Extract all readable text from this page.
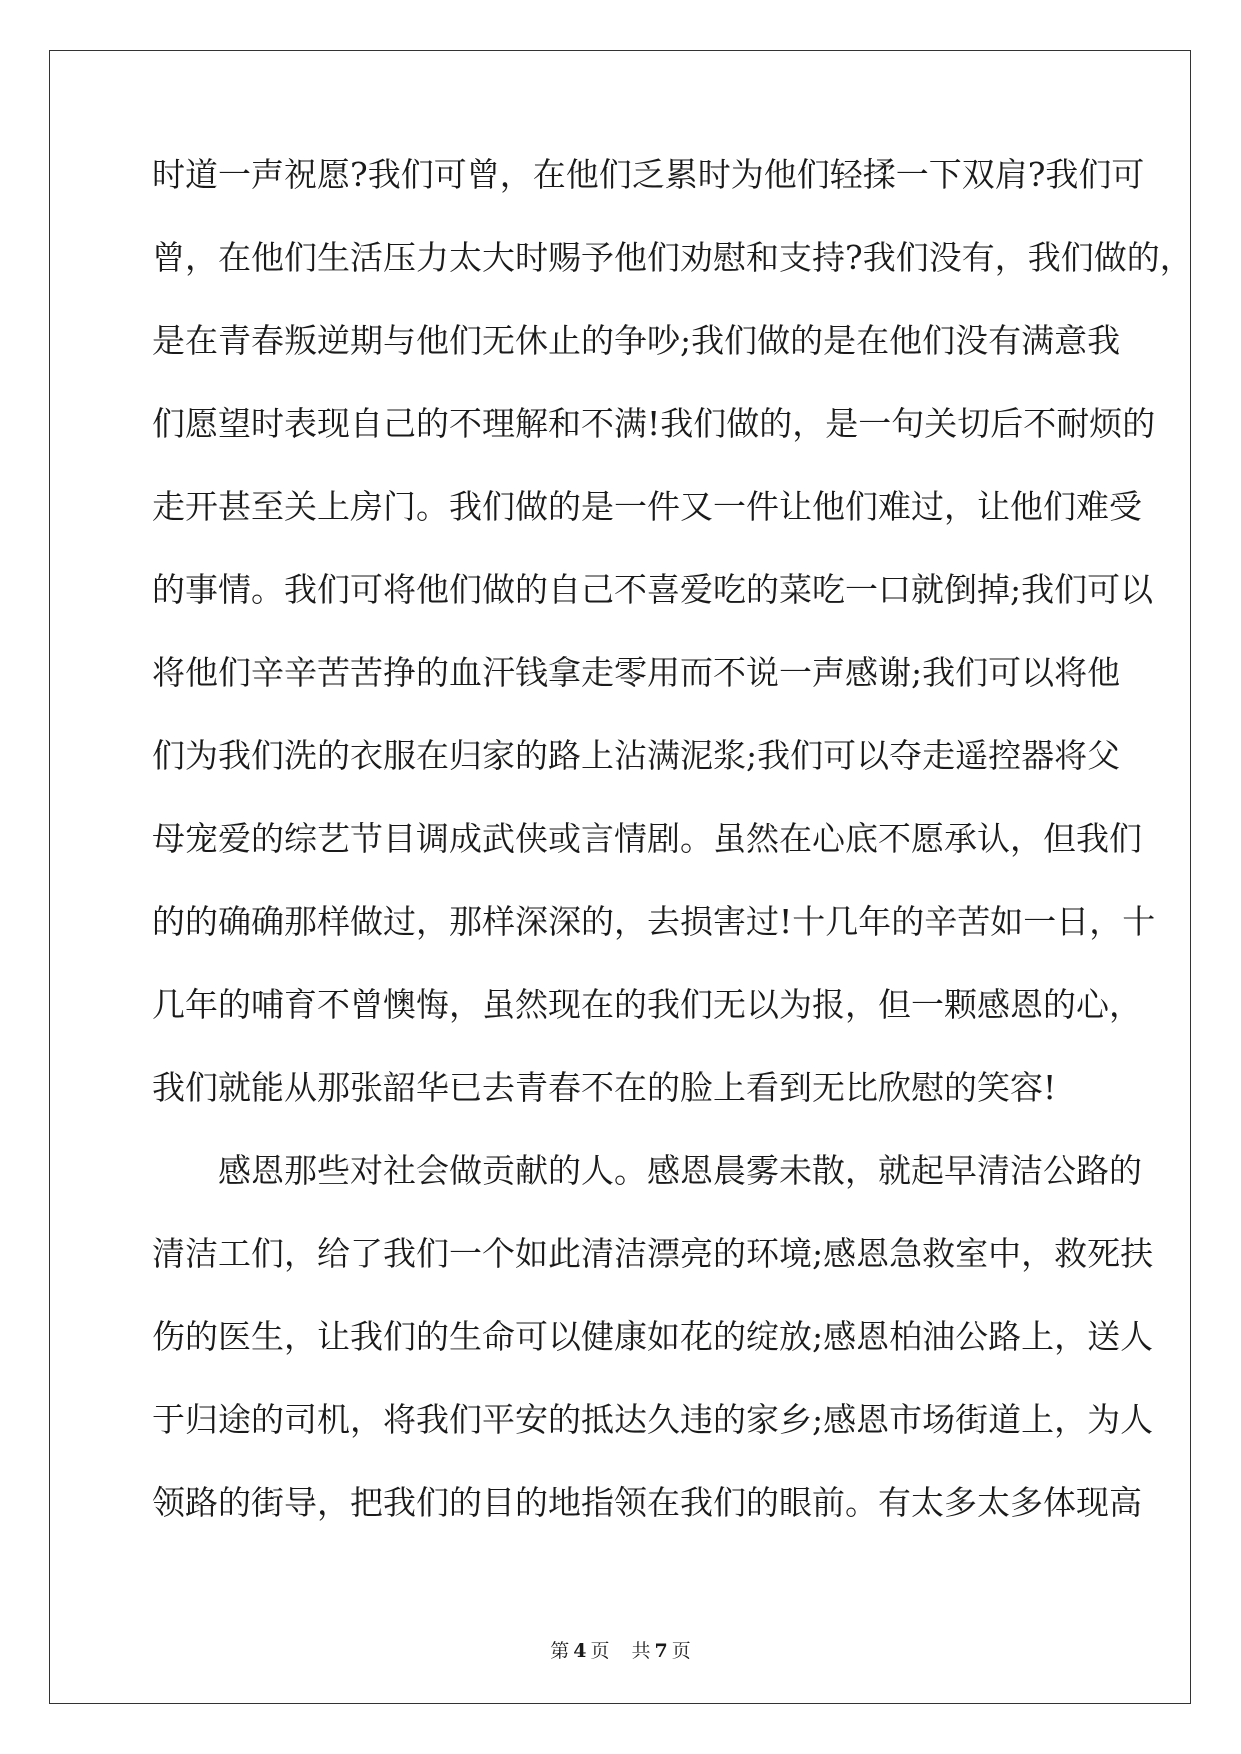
时道一声祝愿?我们可曾，在他们乏累时为他们轻揉一下双肩?我们可
曾，在他们生活压力太大时赐予他们劝慰和支持?我们没有，我们做的，
是在青春叛逆期与他们无休止的争吵;我们做的是在他们没有满意我
们愿望时表现自己的不理解和不满!我们做的，是一句关切后不耐烦的
走开甚至关上房门。我们做的是一件又一件让他们难过，让他们难受
的事情。我们可将他们做的自己不喜爱吃的菜吃一口就倒掉;我们可以
将他们辛辛苦苦挣的血汗钱拿走零用而不说一声感谢;我们可以将他
们为我们洗的衣服在归家的路上沾满泥浆;我们可以夺走遥控器将父
母宠爱的综艺节目调成武侠或言情剧。虽然在心底不愿承认，但我们
的的确确那样做过，那样深深的，去损害过!十几年的辛苦如一日，十
几年的哺育不曾懊悔，虽然现在的我们无以为报，但一颗感恩的心，
我们就能从那张韶华已去青春不在的脸上看到无比欣慰的笑容!
感恩那些对社会做贡献的人。感恩晨雾未散，就起早清洁公路的
清洁工们，给了我们一个如此清洁漂亮的环境;感恩急救室中，救死扶
伤的医生，让我们的生命可以健康如花的绽放;感恩柏油公路上，送人
于归途的司机，将我们平安的抵达久违的家乡;感恩市场街道上，为人
领路的街导，把我们的目的地指领在我们的眼前。有太多太多体现高
第 4 页 共 7 页
